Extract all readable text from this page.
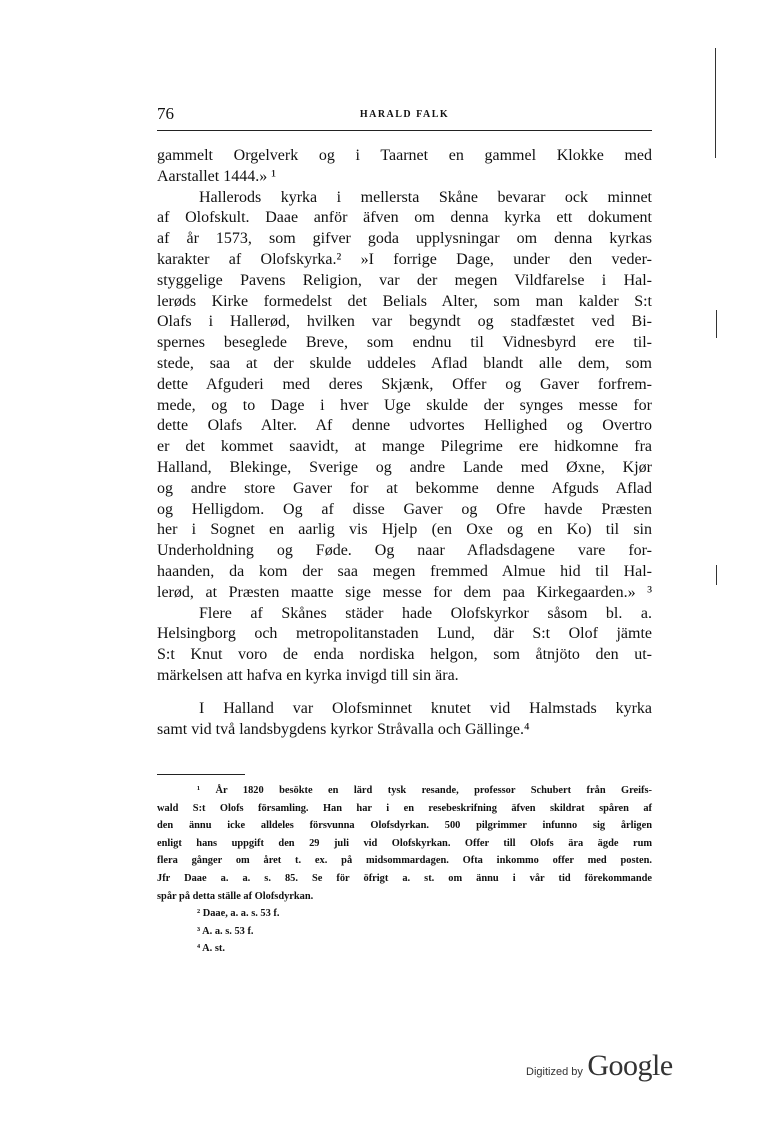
76	HARALD FALK
gammelt Orgelverk og i Taarnet en gammel Klokke med
Aarstallet 1444.» ¹
Hallerods kyrka i mellersta Skåne bevarar ock minnet
af Olofskult. Daae anför äfven om denna kyrka ett dokument
af år 1573, som gifver goda upplysningar om denna kyrkas
karakter af Olofskyrka.² »I forrige Dage, under den veder-
styggelige Pavens Religion, var der megen Vildfarelse i Hal-
lerøds Kirke formedelst det Belials Alter, som man kalder S:t
Olafs i Hallerød, hvilken var begyndt og stadfæstet ved Bi-
spernes beseglede Breve, som endnu til Vidnesbyrd ere til-
stede, saa at der skulde uddeles Aflad blandt alle dem, som
dette Afguderi med deres Skjænk, Offer og Gaver forfrem-
mede, og to Dage i hver Uge skulde der synges messe for
dette Olafs Alter. Af denne udvortes Hellighed og Overtro
er det kommet saavidt, at mange Pilegrime ere hidkomne fra
Halland, Blekinge, Sverige og andre Lande med Øxne, Kjør
og andre store Gaver for at bekomme denne Afguds Aflad
og Helligdom. Og af disse Gaver og Ofre havde Præsten
her i Sognet en aarlig vis Hjelp (en Oxe og en Ko) til sin
Underholdning og Føde. Og naar Afladsdagene vare for-
haanden, da kom der saa megen fremmed Almue hid til Hal-
lerød, at Præsten maatte sige messe for dem paa Kirkegaarden.» ³
Flere af Skånes städer hade Olofskyrkor såsom bl. a.
Helsingborg och metropolitanstaden Lund, där S:t Olof jämte
S:t Knut voro de enda nordiska helgon, som åtnjöto den ut-
märkelsen att hafva en kyrka invigd till sin ära.
I Halland var Olofsminnet knutet vid Halmstads kyrka
samt vid två landsbygdens kyrkor Stråvalla och Gällinge.⁴
¹ År 1820 besökte en lärd tysk resande, professor Schubert från Greifs-
wald S:t Olofs församling. Han har i en resebeskrifning äfven skildrat spåren af
den ännu icke alldeles försvunna Olofsdyrkan. 500 pilgrimmer infunno sig årligen
enligt hans uppgift den 29 juli vid Olofskyrkan. Offer till Olofs ära ägde rum
flera gånger om året t. ex. på midsommardagen. Ofta inkommo offer med posten.
Jfr Daae a. a. s. 85. Se för öfrigt a. st. om ännu i vår tid förekommande
spår på detta ställe af Olofsdyrkan.
² Daae, a. a. s. 53 f.
³ A. a. s. 53 f.
⁴ A. st.
Digitized by Google
